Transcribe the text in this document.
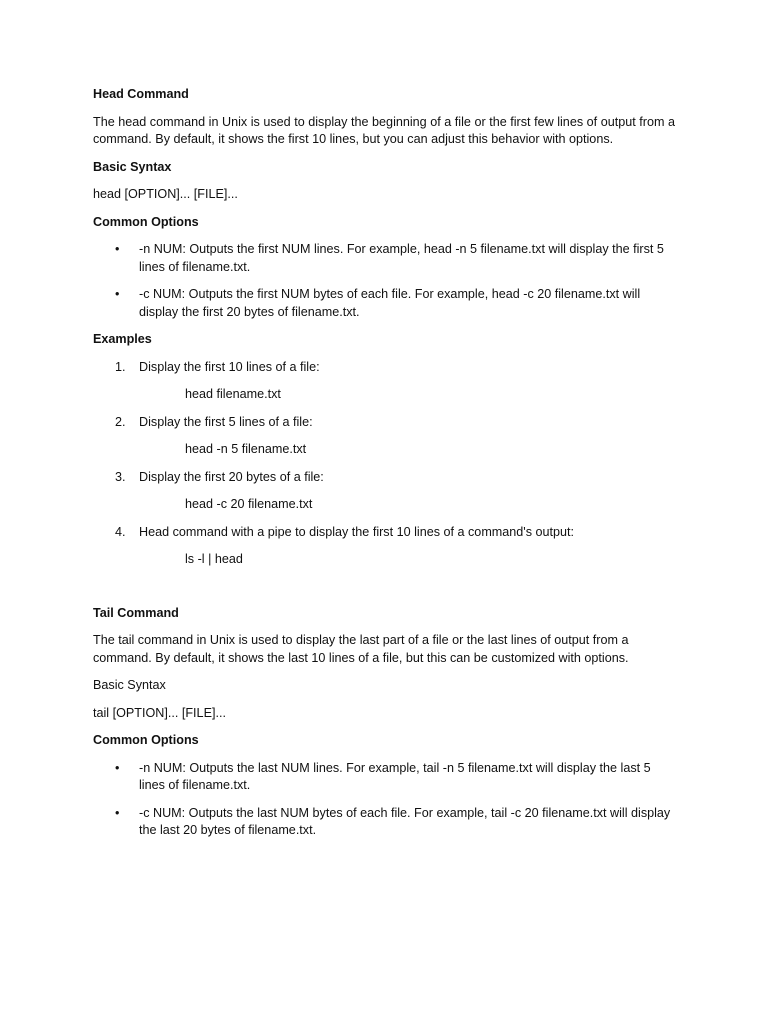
Head Command
The head command in Unix is used to display the beginning of a file or the first few lines of output from a command. By default, it shows the first 10 lines, but you can adjust this behavior with options.
Basic Syntax
head [OPTION]... [FILE]...
Common Options
• -n NUM: Outputs the first NUM lines. For example, head -n 5 filename.txt will display the first 5 lines of filename.txt.
• -c NUM: Outputs the first NUM bytes of each file. For example, head -c 20 filename.txt will display the first 20 bytes of filename.txt.
Examples
1. Display the first 10 lines of a file:
head filename.txt
2. Display the first 5 lines of a file:
head -n 5 filename.txt
3. Display the first 20 bytes of a file:
head -c 20 filename.txt
4. Head command with a pipe to display the first 10 lines of a command's output:
ls -l | head
Tail Command
The tail command in Unix is used to display the last part of a file or the last lines of output from a command. By default, it shows the last 10 lines of a file, but this can be customized with options.
Basic Syntax
tail [OPTION]... [FILE]...
Common Options
• -n NUM: Outputs the last NUM lines. For example, tail -n 5 filename.txt will display the last 5 lines of filename.txt.
• -c NUM: Outputs the last NUM bytes of each file. For example, tail -c 20 filename.txt will display the last 20 bytes of filename.txt.
